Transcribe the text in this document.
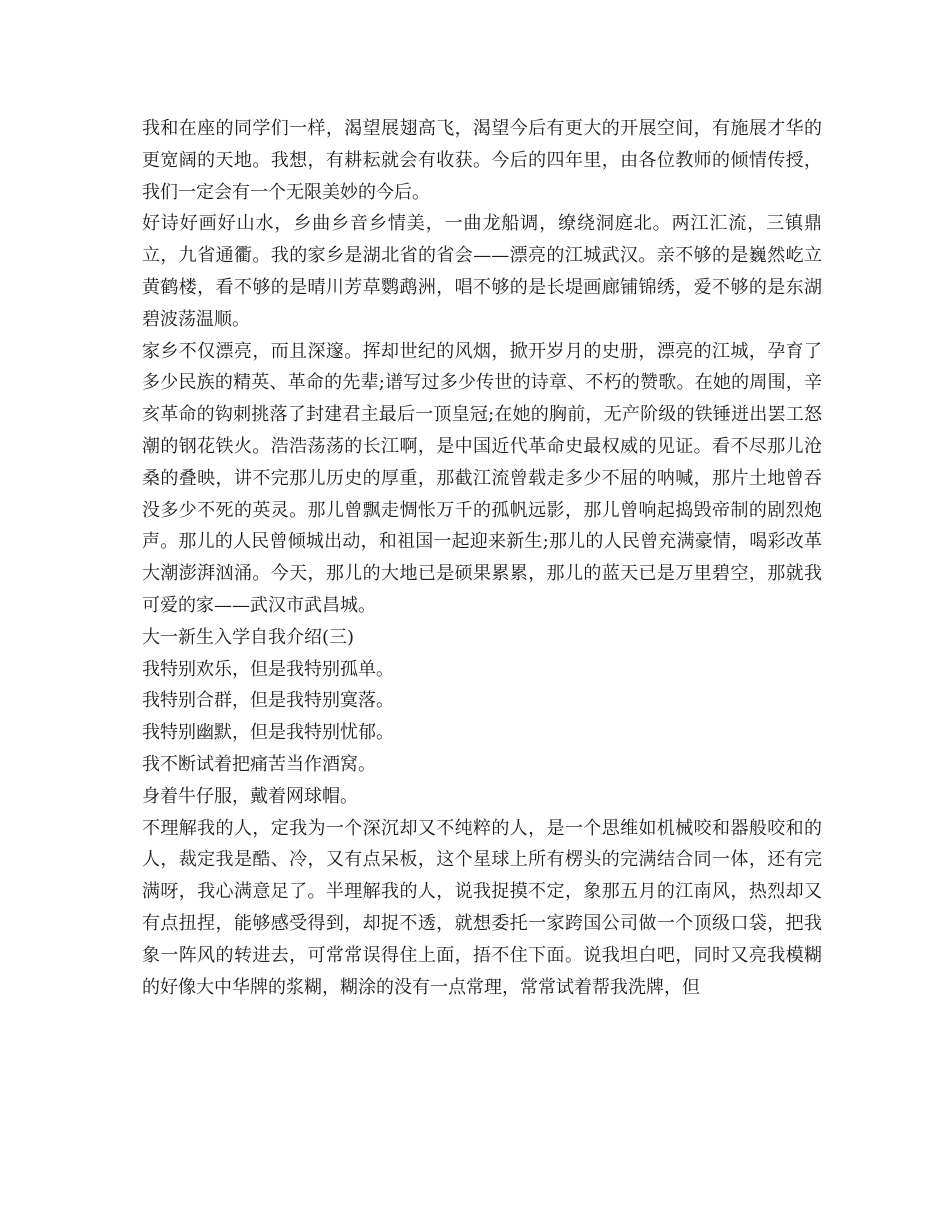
我和在座的同学们一样，渴望展翅高飞，渴望今后有更大的开展空间，有施展才华的更宽阔的天地。我想，有耕耘就会有收获。今后的四年里，由各位教师的倾情传授，我们一定会有一个无限美妙的今后。

好诗好画好山水，乡曲乡音乡情美，一曲龙船调，缭绕洞庭北。两江汇流，三镇鼎立，九省通衢。我的家乡是湖北省的省会——漂亮的江城武汉。亲不够的是巍然屹立黄鹤楼，看不够的是晴川芳草鹦鹉洲，唱不够的是长堤画廊铺锦绣，爱不够的是东湖碧波荡温顺。

家乡不仅漂亮，而且深邃。挥却世纪的风烟，掀开岁月的史册，漂亮的江城，孕育了多少民族的精英、革命的先辈;谱写过多少传世的诗章、不朽的赞歌。在她的周围，辛亥革命的钩刺挑落了封建君主最后一顶皇冠;在她的胸前，无产阶级的铁锤迸出罢工怒潮的钢花铁火。浩浩荡荡的长江啊，是中国近代革命史最权威的见证。看不尽那儿沧桑的叠映，讲不完那儿历史的厚重，那截江流曾载走多少不屈的呐喊，那片土地曾吞没多少不死的英灵。那儿曾飘走惆怅万千的孤帆远影，那儿曾响起捣毁帝制的剧烈炮声。那儿的人民曾倾城出动，和祖国一起迎来新生;那儿的人民曾充满豪情，喝彩改革大潮澎湃汹涌。今天，那儿的大地已是硕果累累，那儿的蓝天已是万里碧空，那就我可爱的家——武汉市武昌城。

大一新生入学自我介绍(三)

我特别欢乐，但是我特别孤单。

我特别合群，但是我特别寞落。

我特别幽默，但是我特别忧郁。

我不断试着把痛苦当作酒窝。

身着牛仔服，戴着网球帽。

不理解我的人，定我为一个深沉却又不纯粹的人，是一个思维如机械咬和器般咬和的人，裁定我是酷、冷，又有点呆板，这个星球上所有楞头的完满结合同一体，还有完满呀，我心满意足了。半理解我的人，说我捉摸不定，象那五月的江南风，热烈却又有点扭捏，能够感受得到，却捉不透，就想委托一家跨国公司做一个顶级口袋，把我象一阵风的转进去，可常常误得住上面，捂不住下面。说我坦白吧，同时又亮我模糊的好像大中华牌的浆糊，糊涂的没有一点常理，常常试着帮我洗牌，但
